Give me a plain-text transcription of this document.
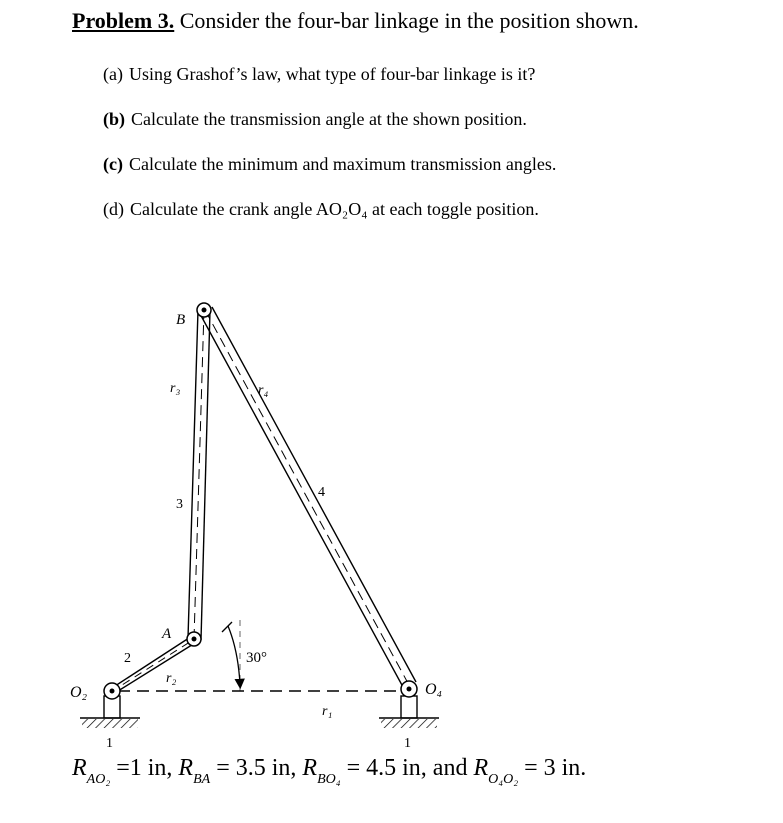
Problem 3. Consider the four-bar linkage in the position shown.
(a) Using Grashof’s law, what type of four-bar linkage is it?
(b) Calculate the transmission angle at the shown position.
(c) Calculate the minimum and maximum transmission angles.
(d) Calculate the crank angle AO₂O₄ at each toggle position.
B
r₃	r₄
3
4
A
2
r₂
30°
O₂	O₄
r₁
1	1
$R_{AO_2} =1$ in, $R_{BA} = 3.5$ in, $R_{BO_4} = 4.5$ in, and $R_{O_4O_2} = 3$ in.
